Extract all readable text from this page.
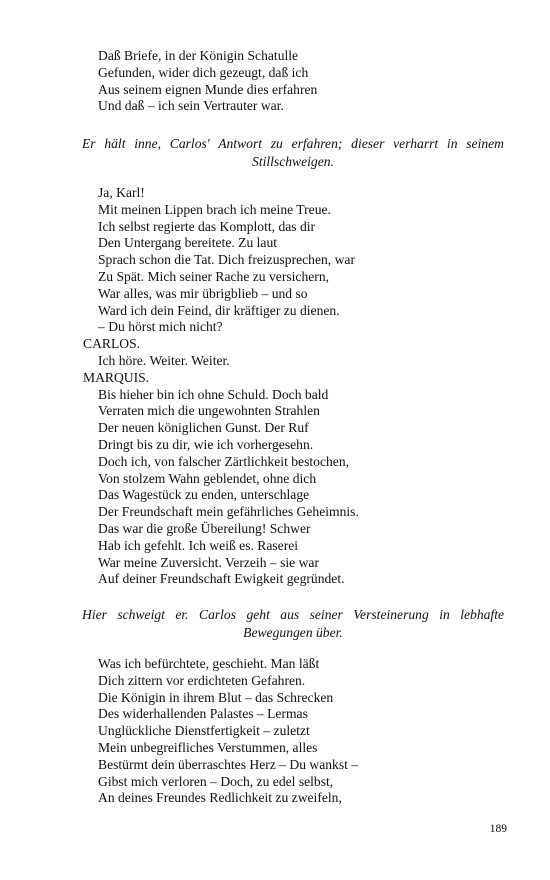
Daß Briefe, in der Königin Schatulle
Gefunden, wider dich gezeugt, daß ich
Aus seinem eignen Munde dies erfahren
Und daß – ich sein Vertrauter war.
Er hält inne, Carlos' Antwort zu erfahren; dieser verharrt in seinem Stillschweigen.
Ja, Karl!
Mit meinen Lippen brach ich meine Treue.
Ich selbst regierte das Komplott, das dir
Den Untergang bereitete. Zu laut
Sprach schon die Tat. Dich freizusprechen, war
Zu Spät. Mich seiner Rache zu versichern,
War alles, was mir übrigblieb – und so
Ward ich dein Feind, dir kräftiger zu dienen.
– Du hörst mich nicht?
CARLOS.
Ich höre. Weiter. Weiter.
MARQUIS.
Bis hieher bin ich ohne Schuld. Doch bald
Verraten mich die ungewohnten Strahlen
Der neuen königlichen Gunst. Der Ruf
Dringt bis zu dir, wie ich vorhergesehn.
Doch ich, von falscher Zärtlichkeit bestochen,
Von stolzem Wahn geblendet, ohne dich
Das Wagestück zu enden, unterschlage
Der Freundschaft mein gefährliches Geheimnis.
Das war die große Übereilung! Schwer
Hab ich gefehlt. Ich weiß es. Raserei
War meine Zuversicht. Verzeih – sie war
Auf deiner Freundschaft Ewigkeit gegründet.
Hier schweigt er. Carlos geht aus seiner Versteinerung in lebhafte Bewegungen über.
Was ich befürchtete, geschieht. Man läßt
Dich zittern vor erdichteten Gefahren.
Die Königin in ihrem Blut – das Schrecken
Des widerhallenden Palastes – Lermas
Unglückliche Dienstfertigkeit – zuletzt
Mein unbegreifliches Verstummen, alles
Bestürmt dein überraschtes Herz – Du wankst –
Gibst mich verloren – Doch, zu edel selbst,
An deines Freundes Redlichkeit zu zweifeln,
189
